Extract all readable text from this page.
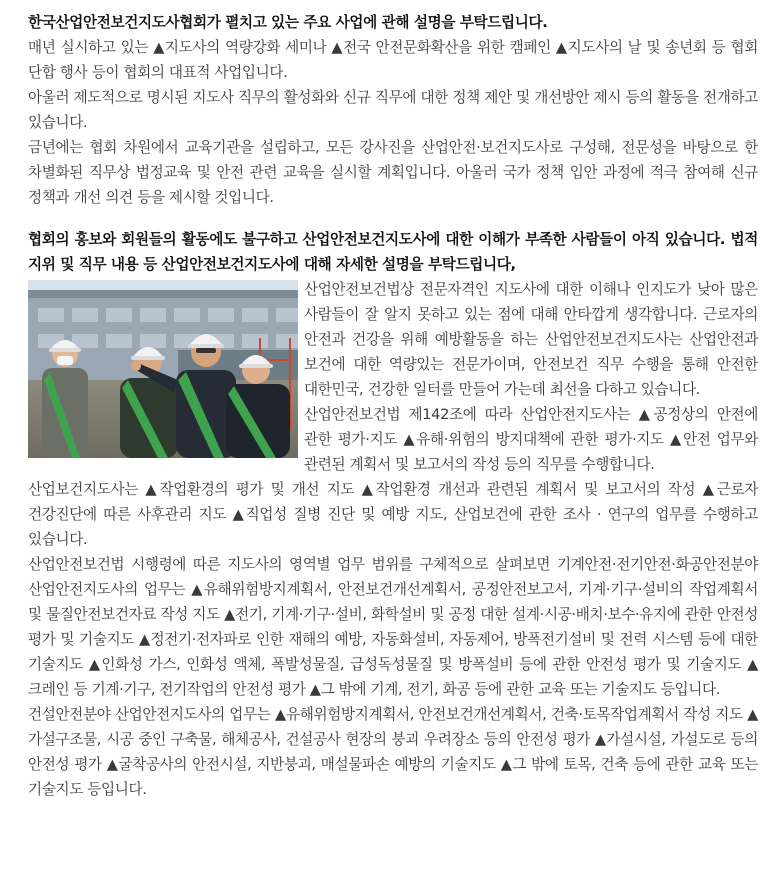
한국산업안전보건지도사협회가 펼치고 있는 주요 사업에 관해 설명을 부탁드립니다.

매년 실시하고 있는 ▲지도사의 역량강화 세미나 ▲전국 안전문화확산을 위한 캠페인 ▲지도사의 날 및 송년회 등 협회 단합 행사 등이 협회의 대표적 사업입니다.

아울러 제도적으로 명시된 지도사 직무의 활성화와 신규 직무에 대한 정책 제안 및 개선방안 제시 등의 활동을 전개하고 있습니다.

금년에는 협회 차원에서 교육기관을 설립하고, 모든 강사진을 산업안전·보건지도사로 구성해, 전문성을 바탕으로 한 차별화된 직무상 법정교육 및 안전 관련 교육을 실시할 계획입니다. 아울러 국가 정책 입안 과정에 적극 참여해 신규 정책과 개선 의견 등을 제시할 것입니다.

협회의 홍보와 회원들의 활동에도 불구하고 산업안전보건지도사에 대한 이해가 부족한 사람들이 아직 있습니다. 법적 지위 및 직무 내용 등 산업안전보건지도사에 대해 자세한 설명을 부탁드립니다,

산업안전보건법상 전문자격인 지도사에 대한 이해나 인지도가 낮아 많은 사람들이 잘 알지 못하고 있는 점에 대해 안타깝게 생각합니다. 근로자의 안전과 건강을 위해 예방활동을 하는 산업안전보건지도사는 산업안전과 보건에 대한 역량있는 전문가이며, 안전보건 직무 수행을 통해 안전한 대한민국, 건강한 일터를 만들어 가는데 최선을 다하고 있습니다.

산업안전보건법 제142조에 따라 산업안전지도사는 ▲공정상의 안전에 관한 평가·지도 ▲유해·위험의 방지대책에 관한 평가·지도 ▲안전 업무와 관련된 계획서 및 보고서의 작성 등의 직무를 수행합니다.

산업보건지도사는 ▲작업환경의 평가 및 개선 지도 ▲작업환경 개선과 관련된 계획서 및 보고서의 작성 ▲근로자 건강진단에 따른 사후관리 지도 ▲직업성 질병 진단 및 예방 지도, 산업보건에 관한 조사 · 연구의 업무를 수행하고 있습니다.

산업안전보건법 시행령에 따른 지도사의 영역별 업무 범위를 구체적으로 살펴보면 기계안전·전기안전·화공안전분야 산업안전지도사의 업무는 ▲유해위험방지계획서, 안전보건개선계획서, 공정안전보고서, 기계·기구·설비의 작업계획서 및 물질안전보건자료 작성 지도 ▲전기, 기계·기구·설비, 화학설비 및 공정 대한 설계·시공·배치·보수·유지에 관한 안전성 평가 및 기술지도 ▲정전기·전자파로 인한 재해의 예방, 자동화설비, 자동제어, 방폭전기설비 및 전력 시스템 등에 대한 기술지도 ▲인화성 가스, 인화성 액체, 폭발성물질, 급성독성물질 및 방폭설비 등에 관한 안전성 평가 및 기술지도 ▲크레인 등 기계·기구, 전기작업의 안전성 평가 ▲그 밖에 기계, 전기, 화공 등에 관한 교육 또는 기술지도 등입니다.

건설안전분야 산업안전지도사의 업무는 ▲유해위험방지계획서, 안전보건개선계획서, 건축·토목작업계획서 작성 지도 ▲가설구조물, 시공 중인 구축물, 해체공사, 건설공사 현장의 붕괴 우려장소 등의 안전성 평가 ▲가설시설, 가설도로 등의 안전성 평가 ▲굴착공사의 안전시설, 지반붕괴, 매설물파손 예방의 기술지도 ▲그 밖에 토목, 건축 등에 관한 교육 또는 기술지도 등입니다.
